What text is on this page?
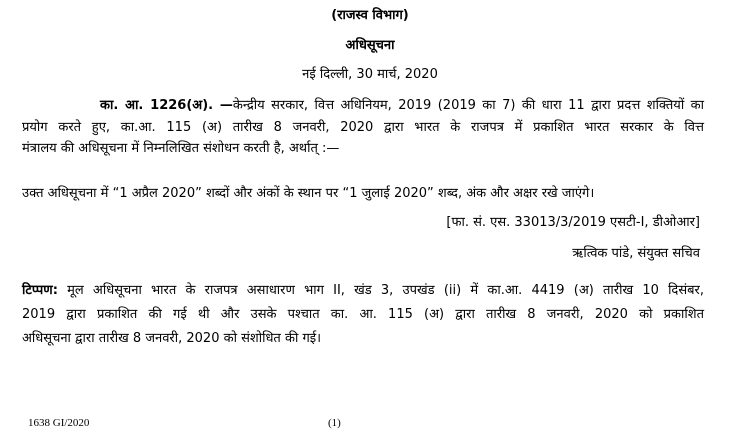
(राजस्व विभाग)
अधिसूचना
नई दिल्ली, 30 मार्च, 2020
का. आ. 1226(अ). —केन्द्रीय सरकार, वित्त अधिनियम, 2019 (2019 का 7) की धारा 11 द्वारा प्रदत्त शक्तियों का
प्रयोग करते हुए, का.आ. 115 (अ) तारीख 8 जनवरी, 2020 द्वारा भारत के राजपत्र में प्रकाशित भारत सरकार के वित्त
मंत्रालय की अधिसूचना में निम्नलिखित संशोधन करती है, अर्थात् :—
उक्त अधिसूचना में “1 अप्रैल 2020” शब्दों और अंकों के स्थान पर “1 जुलाई 2020” शब्द, अंक और अक्षर रखे जाएंगे।
[फा. सं. एस. 33013/3/2019 एसटी-I, डीओआर]
ऋत्विक पांडे, संयुक्त सचिव
टिप्पण: मूल अधिसूचना भारत के राजपत्र असाधारण भाग II, खंड 3, उपखंड (ii) में का.आ. 4419 (अ) तारीख 10 दिसंबर,
2019 द्वारा प्रकाशित की गई थी और उसके पश्चात का. आ. 115 (अ) द्वारा तारीख 8 जनवरी, 2020 को प्रकाशित
अधिसूचना द्वारा तारीख 8 जनवरी, 2020 को संशोधित की गई।
1638 GI/2020	(1)
